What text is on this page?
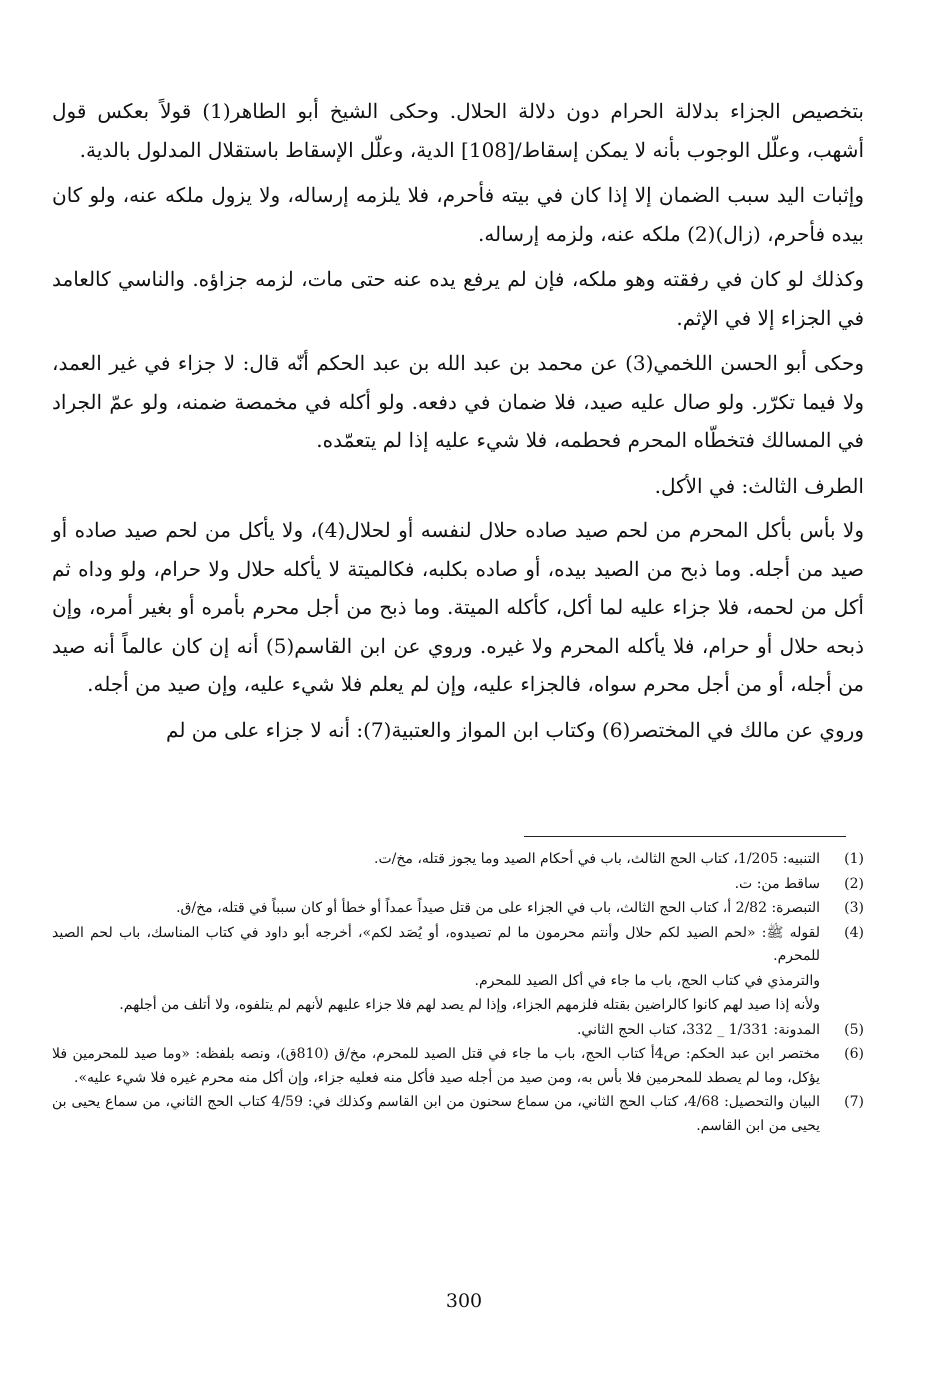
بتخصيص الجزاء بدلالة الحرام دون دلالة الحلال. وحكى الشيخ أبو الطاهر(1) قولاً بعكس قول أشهب، وعلّل الوجوب بأنه لا يمكن إسقاط/[108] الدية، وعلّل الإسقاط باستقلال المدلول بالدية.

وإثبات اليد سبب الضمان إلا إذا كان في بيته فأحرم، فلا يلزمه إرساله، ولا يزول ملكه عنه، ولو كان بيده فأحرم، (زال)(2) ملكه عنه، ولزمه إرساله.

وكذلك لو كان في رفقته وهو ملكه، فإن لم يرفع يده عنه حتى مات، لزمه جزاؤه. والناسي كالعامد في الجزاء إلا في الإثم.

وحكى أبو الحسن اللخمي(3) عن محمد بن عبد الله بن عبد الحكم أنّه قال: لا جزاء في غير العمد، ولا فيما تكرّر. ولو صال عليه صيد، فلا ضمان في دفعه. ولو أكله في مخمصة ضمنه، ولو عمّ الجراد في المسالك فتخطّاه المحرم فحطمه، فلا شيء عليه إذا لم يتعمّده.

الطرف الثالث: في الأكل.

ولا بأس بأكل المحرم من لحم صيد صاده حلال لنفسه أو لحلال(4)، ولا يأكل من لحم صيد صاده أو صيد من أجله. وما ذبح من الصيد بيده، أو صاده بكلبه، فكالميتة لا يأكله حلال ولا حرام، ولو وداه ثم أكل من لحمه، فلا جزاء عليه لما أكل، كأكله الميتة. وما ذبح من أجل محرم بأمره أو بغير أمره، وإن ذبحه حلال أو حرام، فلا يأكله المحرم ولا غيره. وروي عن ابن القاسم(5) أنه إن كان عالماً أنه صيد من أجله، أو من أجل محرم سواه، فالجزاء عليه، وإن لم يعلم فلا شيء عليه، وإن صيد من أجله.

وروي عن مالك في المختصر(6) وكتاب ابن المواز والعتبية(7): أنه لا جزاء على من لم

(1)
التنبيه: 1/205، كتاب الحج الثالث، باب في أحكام الصيد وما يجوز قتله، مخ/ت.
(2)
ساقط من: ت.
(3)
التبصرة: 2/82 أ، كتاب الحج الثالث، باب في الجزاء على من قتل صيداً عمداً أو خطأ أو كان سبباً في قتله، مخ/ق.
(4)
لقوله ﷺ: «لحم الصيد لكم حلال وأنتم محرمون ما لم تصيدوه، أو يُصَد لكم»، أخرجه أبو داود في كتاب المناسك، باب لحم الصيد للمحرم.
والترمذي في كتاب الحج، باب ما جاء في أكل الصيد للمحرم.
ولأنه إذا صيد لهم كانوا كالراضين بقتله فلزمهم الجزاء، وإذا لم يصد لهم فلا جزاء عليهم لأنهم لم يتلفوه، ولا أتلف من أجلهم.
(5)
المدونة: 1/331 _ 332، كتاب الحج الثاني.
(6)
مختصر ابن عبد الحكم: ص4أ كتاب الحج، باب ما جاء في قتل الصيد للمحرم، مخ/ق (810ق)، ونصه بلفظه: «وما صيد للمحرمين فلا يؤكل، وما لم يصطد للمحرمين فلا بأس به، ومن صيد من أجله صيد فأكل منه فعليه جزاء، وإن أكل منه محرم غيره فلا شيء عليه».
(7)
البيان والتحصيل: 4/68، كتاب الحج الثاني، من سماع سحنون من ابن القاسم وكذلك في: 4/59 كتاب الحج الثاني، من سماع يحيى بن يحيى من ابن القاسم.
300
